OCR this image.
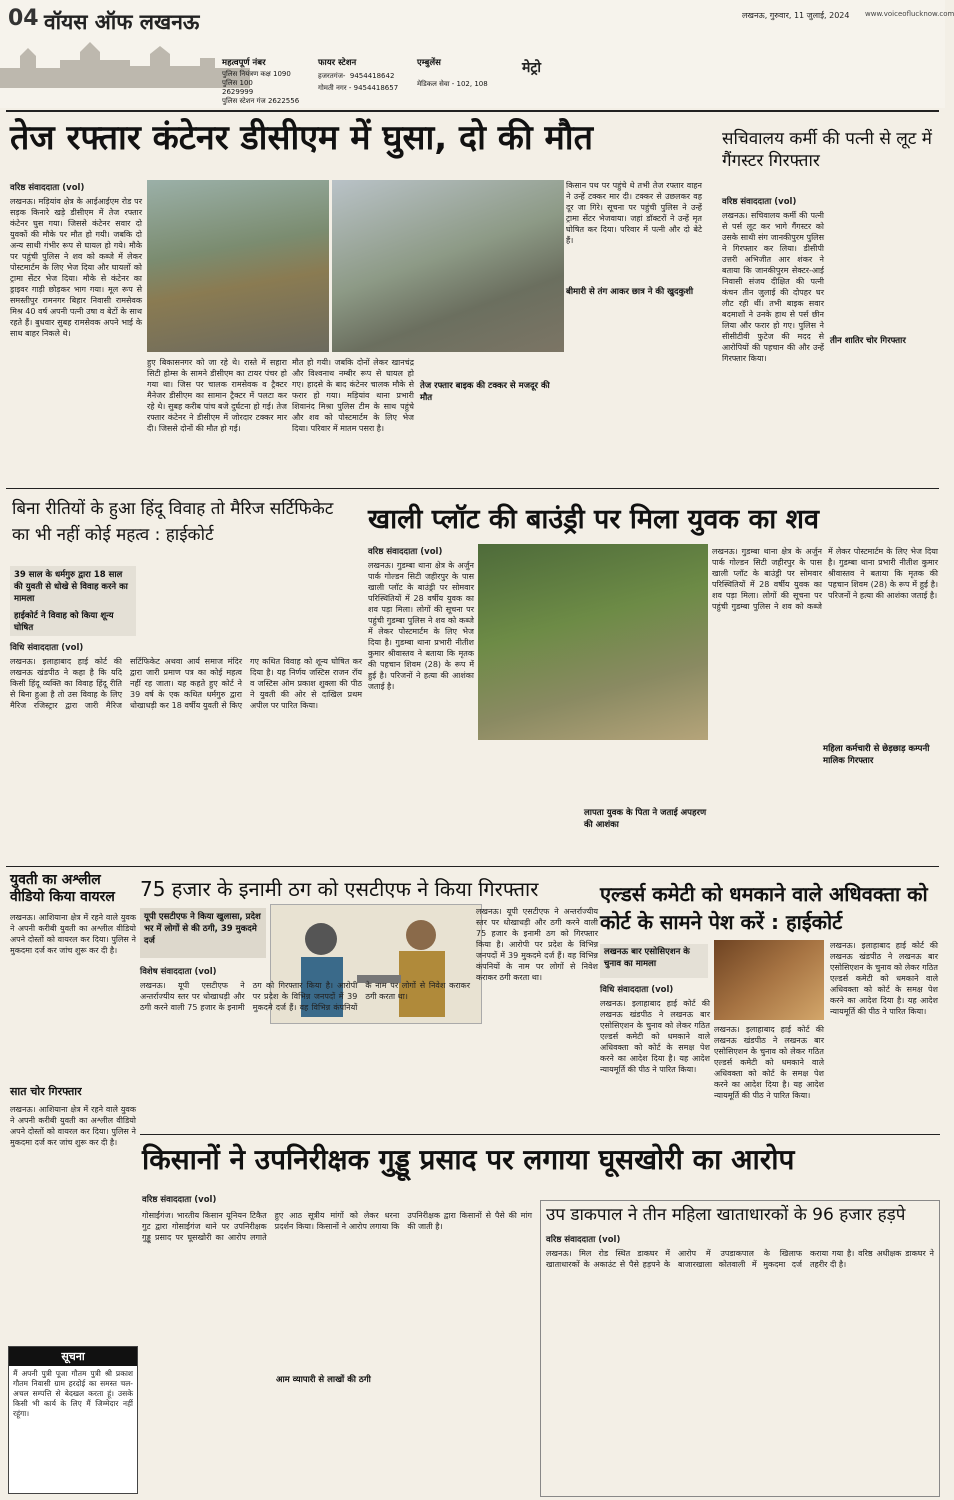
04 वॉयस ऑफ लखनऊ
मेट्रो
लखनऊ, गुरुवार, 11 जुलाई, 2024 www.voiceoflucknow.com
महत्वपूर्ण नंबर
पुलिस नियंत्रण कक्ष 1090
पुलिस 100
2629999
पुलिस स्टेशन गंज 2622556
फायर स्टेशन
हजरतगंज- ‍ 9454418642
गोमती नगर - 9454418657
एम्बुलेंस
मेडिकल सेवा - 102, 108
तेज रफ्तार कंटेनर डीसीएम में घुसा, दो की मौत
वरिष्ठ संवाददाता (vol)
लखनऊ। मड़ियांव क्षेत्र के आईआईएम रोड पर सड़क किनारे खड़े डीसीएम में तेज रफ्तार कंटेनर घुस गया। जिससे कंटेनर सवार दो युवकों की मौके पर मौत हो गयी। जबकि दो अन्य साथी गंभीर रूप से घायल हो गये। मौके पर पहुंची पुलिस ने शव को कब्जे में लेकर पोस्टमार्टम के लिए भेज दिया और घायलों को ट्रामा सेंटर भेज दिया। मौके से कंटेनर का ड्राइवर गाड़ी छोड़कर भाग गया। मूल रूप से समस्तीपुर रामनगर बिहार निवासी रामसेवक मिश्र 40 वर्ष अपनी पत्नी उषा व बेटों के साथ रहते हैं। बुधवार सुबह रामसेवक अपने भाई के साथ बाहर निकले थे।
हुए बिकासनगर को जा रहे थे। रास्ते में सहारा सिटी होम्स के सामने डीसीएम का टायर पंचर हो गया था। जिस पर चालक रामसेवक व ट्रैक्टर मैनेजर डीसीएम का सामान ट्रैक्टर में पलटा कर रहे थे। सुबह करीब पांच बजे दुर्घटना हो गई। तेज रफ्तार कंटेनर ने डीसीएम में जोरदार टक्कर मार दी। जिससे दोनों की मौत हो गई।
मौत हो गयी। जबकि दोनों लेकर खानचंद्र और विश्वनाथ नम्बीर रूप से घायल हो गए। हादसे के बाद कंटेनर चालक मौके से फरार हो गया। मड़ियांव थाना प्रभारी शिवानंद मिश्रा पुलिस टीम के साथ पहुंचे और शव को पोस्टमार्टम के लिए भेज दिया। परिवार में मातम पसरा है।
तेज रफ्तार बाइक की टक्कर से मजदूर की मौत
किसान पथ पर पहुंचे थे तभी तेज रफ्तार वाहन ने उन्हें टक्कर मार दी। टक्कर से उछलकर वह दूर जा गिरे। सूचना पर पहुंची पुलिस ने उन्हें ट्रामा सेंटर भेजवाया। जहां डॉक्टरों ने उन्हें मृत घोषित कर दिया। परिवार में पत्नी और दो बेटे हैं।
बीमारी से तंग आकर छात्र ने की खुदकुशी
सचिवालय कर्मी की पत्नी से लूट में गैंगस्टर गिरफ्तार
वरिष्ठ संवाददाता (vol)
लखनऊ। सचिवालय कर्मी की पत्नी से पर्स लूट कर भागे गैंगस्टर को उसके साथी संग जानकीपुरम पुलिस ने गिरफ्तार कर लिया। डीसीपी उत्तरी अभिजीत आर शंकर ने बताया कि जानकीपुरम सेक्टर-आई निवासी संजय दीक्षित की पत्नी कंचन तीन जुलाई की दोपहर घर लौट रही थीं। तभी बाइक सवार बदमाशों ने उनके हाथ से पर्स छीन लिया और फरार हो गए। पुलिस ने सीसीटीवी फुटेज की मदद से आरोपियों की पहचान की और उन्हें गिरफ्तार किया।
तीन शातिर चोर गिरफ्तार
बिना रीतियों के हुआ हिंदू विवाह तो मैरिज सर्टिफिकेट का भी नहीं कोई महत्व : हाईकोर्ट
39 साल के धर्मगुरु द्वारा 18 साल की युवती से धोखे से विवाह करने का मामला
हाईकोर्ट ने विवाह को किया शून्य घोषित
विधि संवाददाता (vol)
लखनऊ। इलाहाबाद हाई कोर्ट की लखनऊ खंडपीठ ने कहा है कि यदि किसी हिंदू व्यक्ति का विवाह हिंदू रीति से बिना हुआ है तो उस विवाह के लिए मैरिज रजिस्ट्रार द्वारा जारी मैरिज सर्टिफिकेट अथवा आर्य समाज मंदिर द्वारा जारी प्रमाण पत्र का कोई महत्व नहीं रह जाता। यह कहते हुए कोर्ट ने 39 वर्ष के एक कथित धर्मगुरु द्वारा धोखाधड़ी कर 18 वर्षीय युवती से किए गए कथित विवाह को शून्य घोषित कर दिया है। यह निर्णय जस्टिस राजन रॉय व जस्टिस ओम प्रकाश शुक्ला की पीठ ने युवती की ओर से दाखिल प्रथम अपील पर पारित किया।
खाली प्लॉट की बाउंड्री पर मिला युवक का शव
वरिष्ठ संवाददाता (vol)
लखनऊ। गुडम्बा थाना क्षेत्र के अर्जुन पार्क गोल्डन सिटी जहीरपुर के पास खाली प्लॉट के बाउंड्री पर सोमवार परिस्थितियों में 28 वर्षीय युवक का शव पड़ा मिला। लोगों की सूचना पर पहुंची गुडम्बा पुलिस ने शव को कब्जे में लेकर पोस्टमार्टम के लिए भेज दिया है। गुडम्बा थाना प्रभारी नीतीश कुमार श्रीवास्तव ने बताया कि मृतक की पहचान शिवम (28) के रूप में हुई है। परिजनों ने हत्या की आशंका जताई है।
लापता युवक के पिता ने जताई अपहरण की आशंका
लखनऊ। गुडम्बा थाना क्षेत्र के अर्जुन पार्क गोल्डन सिटी जहीरपुर के पास खाली प्लॉट के बाउंड्री पर सोमवार परिस्थितियों में 28 वर्षीय युवक का शव पड़ा मिला। लोगों की सूचना पर पहुंची गुडम्बा पुलिस ने शव को कब्जे में लेकर पोस्टमार्टम के लिए भेज दिया है। गुडम्बा थाना प्रभारी नीतीश कुमार श्रीवास्तव ने बताया कि मृतक की पहचान शिवम (28) के रूप में हुई है। परिजनों ने हत्या की आशंका जताई है।
महिला कर्मचारी से छेड़छाड़ कम्पनी मालिक गिरफ्तार
युवती का अश्लील वीडियो किया वायरल
लखनऊ। आशियाना क्षेत्र में रहने वाले युवक ने अपनी करीबी युवती का अश्लील वीडियो अपने दोस्तों को वायरल कर दिया। पुलिस ने मुकदमा दर्ज कर जांच शुरू कर दी है।
सात चोर गिरफ्तार
लखनऊ। आशियाना क्षेत्र में रहने वाले युवक ने अपनी करीबी युवती का अश्लील वीडियो अपने दोस्तों को वायरल कर दिया। पुलिस ने मुकदमा दर्ज कर जांच शुरू कर दी है।
75 हजार के इनामी ठग को एसटीएफ ने किया गिरफ्तार
यूपी एसटीएफ ने किया खुलासा, प्रदेश भर में लोगों से की ठगी, 39 मुकदमे दर्ज
विशेष संवाददाता (vol)
लखनऊ। यूपी एसटीएफ ने अन्तर्राज्यीय स्तर पर धोखाधड़ी और ठगी करने वाली 75 हजार के इनामी ठग को गिरफ्तार किया है। आरोपी पर प्रदेश के विभिन्न जनपदों में 39 मुकदमे दर्ज हैं। वह विभिन्न कंपनियों के नाम पर लोगों से निवेश कराकर ठगी करता था।
लखनऊ। यूपी एसटीएफ ने अन्तर्राज्यीय स्तर पर धोखाधड़ी और ठगी करने वाली 75 हजार के इनामी ठग को गिरफ्तार किया है। आरोपी पर प्रदेश के विभिन्न जनपदों में 39 मुकदमे दर्ज हैं। वह विभिन्न कंपनियों के नाम पर लोगों से निवेश कराकर ठगी करता था।
एल्डर्स कमेटी को धमकाने वाले अधिवक्ता को कोर्ट के सामने पेश करें : हाईकोर्ट
लखनऊ बार एसोसिएशन के चुनाव का मामला
विधि संवाददाता (vol)
लखनऊ। इलाहाबाद हाई कोर्ट की लखनऊ खंडपीठ ने लखनऊ बार एसोसिएशन के चुनाव को लेकर गठित एल्डर्स कमेटी को धमकाने वाले अधिवक्ता को कोर्ट के समक्ष पेश करने का आदेश दिया है। यह आदेश न्यायमूर्ति की पीठ ने पारित किया।
लखनऊ। इलाहाबाद हाई कोर्ट की लखनऊ खंडपीठ ने लखनऊ बार एसोसिएशन के चुनाव को लेकर गठित एल्डर्स कमेटी को धमकाने वाले अधिवक्ता को कोर्ट के समक्ष पेश करने का आदेश दिया है। यह आदेश न्यायमूर्ति की पीठ ने पारित किया।
लखनऊ। इलाहाबाद हाई कोर्ट की लखनऊ खंडपीठ ने लखनऊ बार एसोसिएशन के चुनाव को लेकर गठित एल्डर्स कमेटी को धमकाने वाले अधिवक्ता को कोर्ट के समक्ष पेश करने का आदेश दिया है। यह आदेश न्यायमूर्ति की पीठ ने पारित किया।
किसानों ने उपनिरीक्षक गुड्डू प्रसाद पर लगाया घूसखोरी का आरोप
वरिष्ठ संवाददाता (vol)
गोसाईंगंज। भारतीय किसान यूनियन टिकैत गुट द्वारा गोसाईंगंज थाने पर उपनिरीक्षक गुड्डू प्रसाद पर घूसखोरी का आरोप लगाते हुए आठ सूत्रीय मांगों को लेकर धरना प्रदर्शन किया। किसानों ने आरोप लगाया कि उपनिरीक्षक द्वारा किसानों से पैसे की मांग की जाती है।
आम व्यापारी से लाखों की ठगी
उप डाकपाल ने तीन महिला खाताधारकों के 96 हजार हड़पे
वरिष्ठ संवाददाता (vol)
लखनऊ। मिल रोड स्थित डाकघर में खाताधारकों के अकाउंट से पैसे हड़पने के आरोप में उपडाकपाल के खिलाफ बाजारखाला कोतवाली में मुकदमा दर्ज कराया गया है। वरिष्ठ अधीक्षक डाकघर ने तहरीर दी है।
सूचना
मैं अपनी पुत्री पूजा गौतम पुत्री श्री प्रकाश गौतम निवासी ग्राम हरदोई का समस्त चल-अचल सम्पत्ति से बेदखल करता हूं। उसके किसी भी कार्य के लिए मैं जिम्मेदार नहीं रहूंगा।
